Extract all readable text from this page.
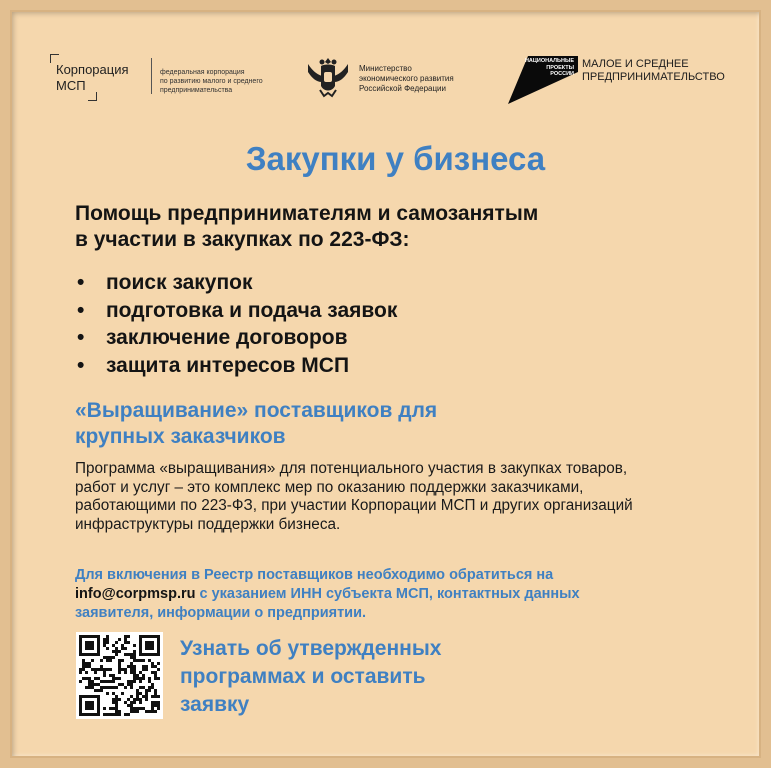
Корпорация
МСП
федеральная корпорация
по развитию малого и среднего
предпринимательства
Министерство
экономического развития
Российской Федерации
НАЦИОНАЛЬНЫЕ
ПРОЕКТЫ
РОССИИ
МАЛОЕ И СРЕДНЕЕ
ПРЕДПРИНИМАТЕЛЬСТВО
Закупки у бизнеса
Помощь предпринимателям и самозанятым
в участии в закупках по 223-ФЗ:
• поиск закупок
• подготовка и подача заявок
• заключение договоров
• защита интересов МСП
«Выращивание» поставщиков для
крупных заказчиков
Программа «выращивания» для потенциального участия в закупках товаров,
работ и услуг – это комплекс мер по оказанию поддержки заказчиками,
работающими по 223-ФЗ, при участии Корпорации МСП и других организаций
инфраструктуры поддержки бизнеса.
Для включения в Реестр поставщиков необходимо обратиться на
info@corpmsp.ru с указанием ИНН субъекта МСП, контактных данных
заявителя, информации о предприятии.
Узнать об утвержденных
программах и оставить
заявку
